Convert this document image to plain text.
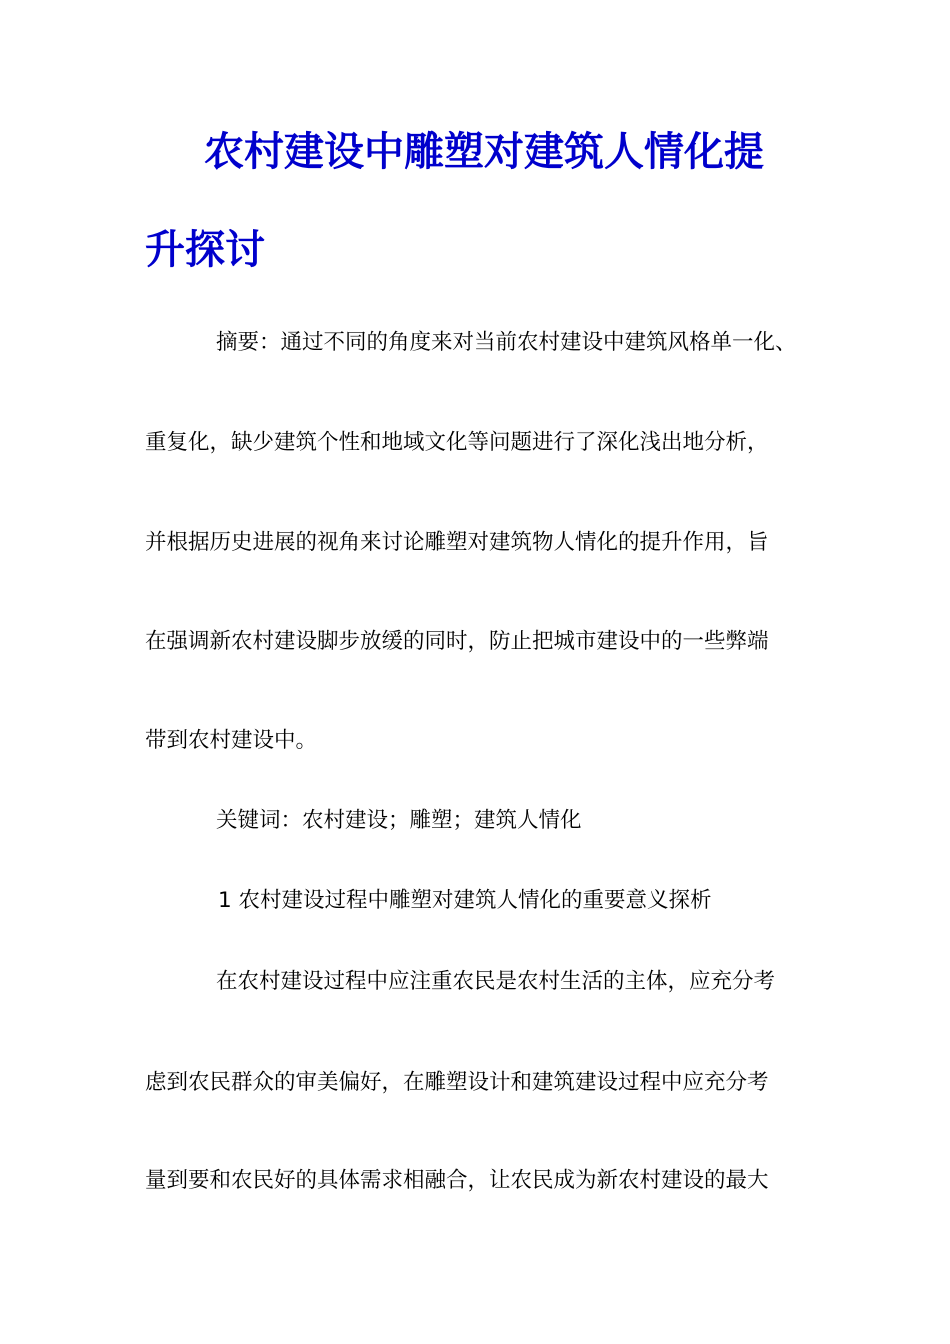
农村建设中雕塑对建筑人情化提
升探讨

摘要：通过不同的角度来对当前农村建设中建筑风格单一化、

重复化，缺少建筑个性和地域文化等问题进行了深化浅出地分析，

并根据历史进展的视角来讨论雕塑对建筑物人情化的提升作用，旨

在强调新农村建设脚步放缓的同时，防止把城市建设中的一些弊端

带到农村建设中。

关键词：农村建设；雕塑；建筑人情化

1 农村建设过程中雕塑对建筑人情化的重要意义探析

在农村建设过程中应注重农民是农村生活的主体，应充分考

虑到农民群众的审美偏好，在雕塑设计和建筑建设过程中应充分考

量到要和农民好的具体需求相融合，让农民成为新农村建设的最大
